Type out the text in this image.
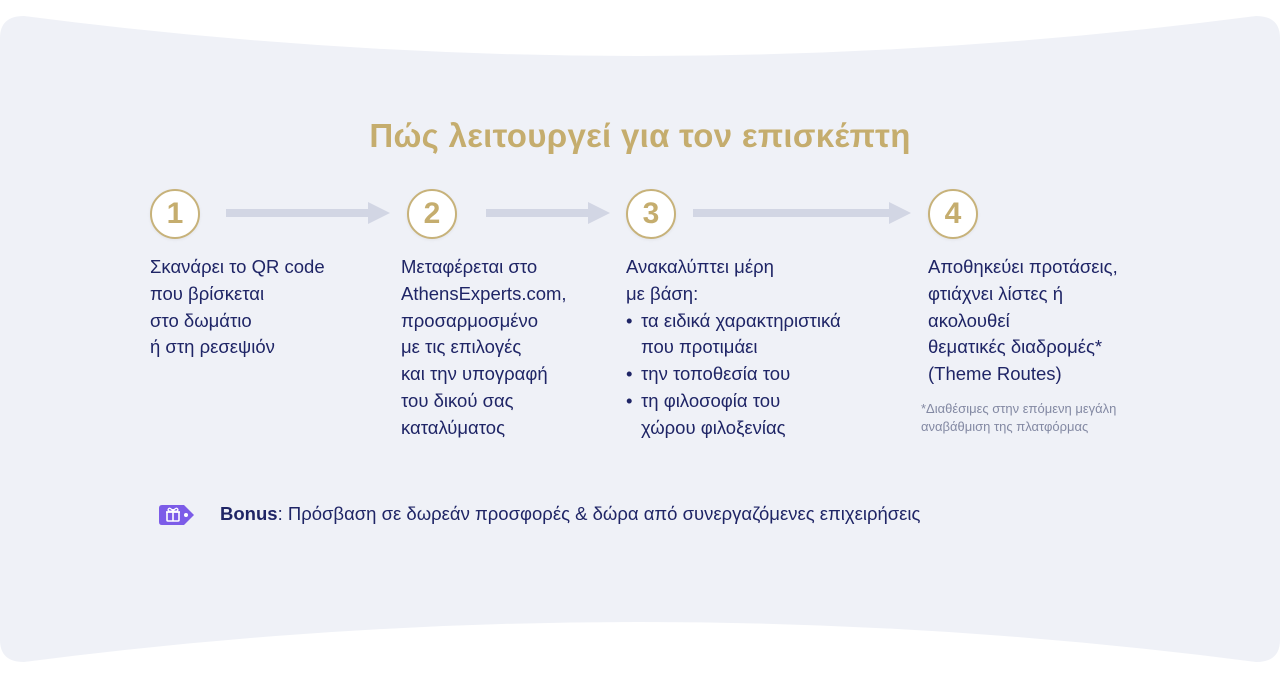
Πώς λειτουργεί για τον επισκέπτη
1	2	3	4
Σκανάρει το QR code
που βρίσκεται
στο δωμάτιο
ή στη ρεσεψιόν
Μεταφέρεται στο
AthensExperts.com,
προσαρμοσμένο
με τις επιλογές
και την υπογραφή
του δικού σας
καταλύματος
Ανακαλύπτει μέρη
με βάση:
• τα ειδικά χαρακτηριστικά
που προτιμάει
• την τοποθεσία του
• τη φιλοσοφία του
χώρου φιλοξενίας
Αποθηκεύει προτάσεις,
φτιάχνει λίστες ή
ακολουθεί
θεματικές διαδρομές*
(Theme Routes)
*Διαθέσιμες στην επόμενη μεγάλη
αναβάθμιση της πλατφόρμας
Bonus: Πρόσβαση σε δωρεάν προσφορές & δώρα από συνεργαζόμενες επιχειρήσεις
